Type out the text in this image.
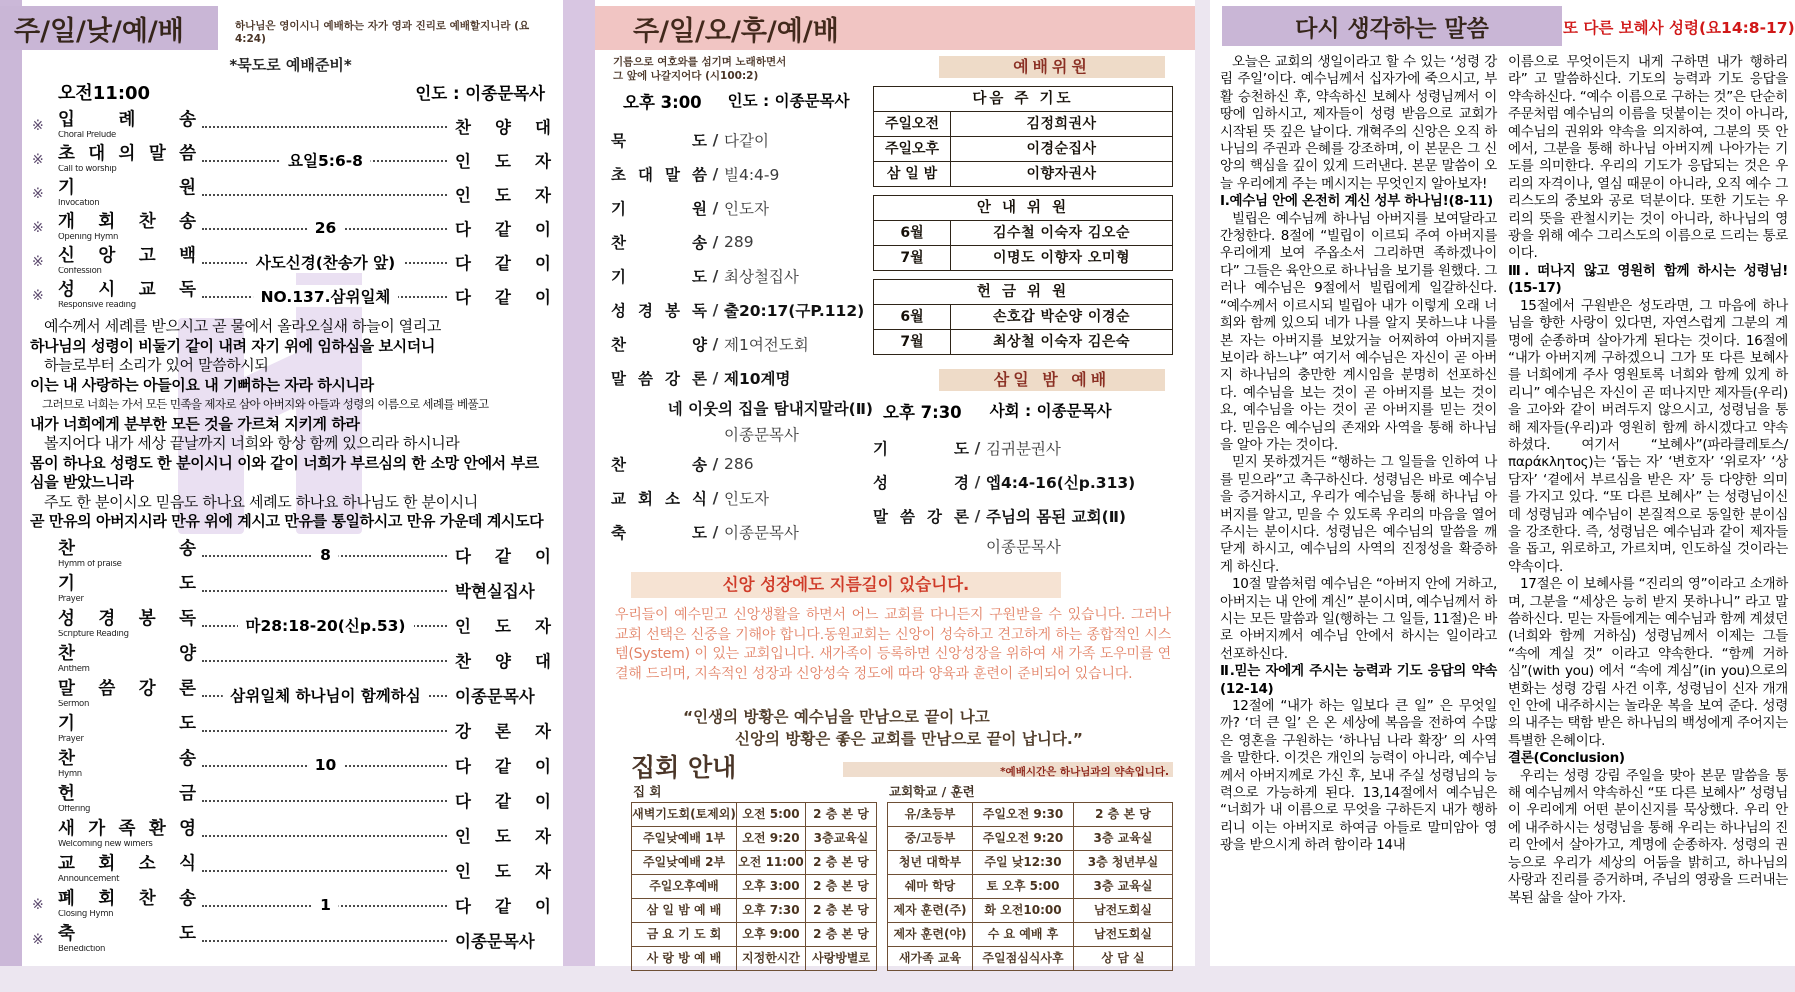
주/일/낮/예/배	하나님은 영이시니 예배하는 자가 영과 진리로 예배할지니라 (요4:24)

*묵도로 예배준비*

오전11:00	인도 : 이종문목사
※ 입 례 송
Choral Prelude	찬 양 대
※ 초 대 의 말 씀
Call to worship	요일5:6-8	인 도 자
※ 기 원
Invocation	인 도 자
※ 개 회 찬 송
Opening Hymn	26	다 같 이
※ 신 앙 고 백
Confession	사도신경(찬송가 앞)	다 같 이
※ 성 시 교 독
Responsive reading	NO.137.삼위일체	다 같 이

예수께서 세례를 받으시고 곧 물에서 올라오실새 하늘이 열리고

하나님의 성령이 비둘기 같이 내려 자기 위에 임하심을 보시더니

하늘로부터 소리가 있어 말씀하시되

이는 내 사랑하는 아들이요 내 기뻐하는 자라 하시니라

그러므로 너희는 가서 모든 민족을 제자로 삼아 아버지와 아들과 성령의 이름으로 세례를 베풀고

내가 너희에게 분부한 모든 것을 가르쳐 지키게 하라

볼지어다 내가 세상 끝날까지 너희와 항상 함께 있으리라 하시니라

몸이 하나요 성령도 한 분이시니 이와 같이 너희가 부르심의 한 소망 안에서 부르심을 받았느니라

주도 한 분이시오 믿음도 하나요 세례도 하나요 하나님도 한 분이시니

곧 만유의 아버지시라 만유 위에 계시고 만유를 통일하시고 만유 가운데 계시도다

찬 송
Hymm of praise	8	다 같 이
기 도
Prayer	박현실집사
성 경 봉 독
Scripture Reading	마28:18-20(신p.53)	인 도 자
찬 양
Anthem	찬 양 대
말 씀 강 론
Sermon	삼위일체 하나님이 함께하심	이종문목사
기 도
Prayer	강 론 자
찬 송
Hymn	10	다 같 이
헌 금
Offering	다 같 이
새 가 족 환 영
Welcoming new wimers	인 도 자
교 회 소 식
Announcement	인 도 자
※ 폐 회 찬 송
Closing Hymn	1	다 같 이
※ 축 도
Benediction	이종문목사
주/일/오/후/예/배

기름으로 여호와를 섬기며 노래하면서
그 앞에 나갈지어다 (시100:2)

오후 3:00 인도 : 이종문목사
묵 도 / 다같이
초 대 말 씀 / 빌4:4-9
기 원 / 인도자
찬 송 / 289
기 도 / 최상철집사
성 경 봉 독 / 출20:17(구P.112)
찬 양 / 제1여전도회
말 씀 강 론 / 제10계명
네 이웃의 집을 탐내지말라(Ⅱ)
이종문목사
찬 송 / 286
교 회 소 식 / 인도자
축 도 / 이종문목사
예배위원
다음 주 기도
주일오전	김정희권사
주일오후	이경순집사
삼 일 밤	이향자권사
안 내 위 원
6월	김수철 이숙자 김오순
7월	이명도 이향자 오미형
헌 금 위 원
6월	손호갑 박순양 이경순
7월	최상철 이숙자 김은숙
삼일 밤 예배
오후 7:30 사회 : 이종문목사
기 도 / 김귀분권사
성 경 / 엡4:4-16(신p.313)
말 씀 강 론 / 주님의 몸된 교회(Ⅱ)
이종문목사
신앙 성장에도 지름길이 있습니다.

우리들이 예수믿고 신앙생활을 하면서 어느 교회를 다니든지 구원받을 수 있습니다. 그러나 교회 선택은 신중을 기해야 합니다.동원교회는 신앙이 성숙하고 견고하게 하는 종합적인 시스템(System) 이 있는 교회입니다. 새가족이 등록하면 신앙성장을 위하여 새 가족 도우미를 연결해 드리며, 지속적인 성장과 신앙성숙 정도에 따라 양육과 훈련이 준비되어 있습니다.

“인생의 방황은 예수님을 만남으로 끝이 나고
신앙의 방황은 좋은 교회를 만남으로 끝이 납니다.”

집회 안내	*예배시간은 하나님과의 약속입니다.

집 회

새벽기도회(토제외) 오전 5:00	2 층 본 당
주일낮예배 1부	오전 9:20	3층교육실
주일낮예배 2부	오전 11:00 2 층 본 당
주일오후예배	오후 3:00	2 층 본 당
삼 일 밤 예 배	오후 7:30	2 층 본 당
금 요 기 도 회	오후 9:00	2 층 본 당
사 랑 방 예 배	지정한시간	사랑방별로

교회학교 / 훈련

유/초등부	주일오전 9:30	2 층 본 당
중/고등부	주일오전 9:20	3층 교육실
청년 대학부	주일 낮12:30	3층 청년부실
쉐마 학당	토 오후 5:00	3층 교육실
제자 훈련(주)	화 오전10:00	남전도회실
제자 훈련(야)	수 요 예배 후	남전도회실
새가족 교육	주일점심식사후	상 담 실
다시 생각하는 말씀	또 다른 보혜사 성령(요14:8-17)

오늘은 교회의 생일이라고 할 수 있는 ‘성령 강림 주일’이다. 예수님께서 십자가에 죽으시고, 부활 승천하신 후, 약속하신 보혜사 성령님께서 이 땅에 임하시고, 제자들이 성령 받음으로 교회가 시작된 뜻 깊은 날이다. 개혁주의 신앙은 오직 하나님의 주권과 은혜를 강조하며, 이 본문은 그 신앙의 핵심을 깊이 있게 드러낸다. 본문 말씀이 오늘 우리에게 주는 메시지는 무엇인지 알아보자!

Ⅰ.예수님 안에 온전히 계신 성부 하나님!(8-11)

빌립은 예수님께 하나님 아버지를 보여달라고 간청한다. 8절에 “빌립이 이르되 주여 아버지를 우리에게 보여 주옵소서 그리하면 족하겠나이다” 그들은 육안으로 하나님을 보기를 원했다. 그러나 예수님은 9절에서 빌립에게 일갈하신다. “예수께서 이르시되 빌립아 내가 이렇게 오래 너희와 함께 있으되 네가 나를 알지 못하느냐 나를 본 자는 아버지를 보았거늘 어찌하여 아버지를 보이라 하느냐” 여기서 예수님은 자신이 곧 아버지 하나님의 충만한 계시임을 분명히 선포하신다. 예수님을 보는 것이 곧 아버지를 보는 것이요, 예수님을 아는 것이 곧 아버지를 믿는 것이다. 믿음은 예수님의 존재와 사역을 통해 하나님을 알아 가는 것이다.

믿지 못하겠거든 “행하는 그 일들을 인하여 나를 믿으라”고 촉구하신다. 성령님은 바로 예수님을 증거하시고, 우리가 예수님을 통해 하나님 아버지를 알고, 믿을 수 있도록 우리의 마음을 열어 주시는 분이시다. 성령님은 예수님의 말씀을 깨닫게 하시고, 예수님의 사역의 진정성을 확증하게 하신다.

10절 말씀처럼 예수님은 “아버지 안에 거하고, 아버지는 내 안에 계신” 분이시며, 예수님께서 하시는 모든 말씀과 일(행하는 그 일들, 11절)은 바로 아버지께서 예수님 안에서 하시는 일이라고 선포하신다.

Ⅱ.믿는 자에게 주시는 능력과 기도 응답의 약속(12-14)

12절에 “내가 하는 일보다 큰 일” 은 무엇일까? ‘더 큰 일’ 은 온 세상에 복음을 전하여 수많은 영혼을 구원하는 ‘하나님 나라 확장’ 의 사역을 말한다. 이것은 개인의 능력이 아니라, 예수님께서 아버지께로 가신 후, 보내 주실 성령님의 능력으로 가능하게 된다. 13,14절에서 예수님은 “너희가 내 이름으로 무엇을 구하든지 내가 행하리니 이는 아버지로 하여금 아들로 말미암아 영광을 받으시게 하려 함이라 14내

이름으로 무엇이든지 내게 구하면 내가 행하리라” 고 말씀하신다. 기도의 능력과 기도 응답을 약속하신다. “예수 이름으로 구하는 것”은 단순히 주문처럼 예수님의 이름을 덧붙이는 것이 아니라, 예수님의 권위와 약속을 의지하여, 그분의 뜻 안에서, 그분을 통해 하나님 아버지께 나아가는 기도를 의미한다. 우리의 기도가 응답되는 것은 우리의 자격이나, 열심 때문이 아니라, 오직 예수 그리스도의 중보와 공로 덕분이다. 또한 기도는 우리의 뜻을 관철시키는 것이 아니라, 하나님의 영광을 위해 예수 그리스도의 이름으로 드리는 통로이다.

Ⅲ. 떠나지 않고 영원히 함께 하시는 성령님!(15-17)

15절에서 구원받은 성도라면, 그 마음에 하나님을 향한 사랑이 있다면, 자연스럽게 그분의 계명에 순종하며 살아가게 된다는 것이다. 16절에 “내가 아버지께 구하겠으니 그가 또 다른 보혜사를 너희에게 주사 영원토록 너희와 함께 있게 하리니” 예수님은 자신이 곧 떠나지만 제자들(우리)을 고아와 같이 버려두지 않으시고, 성령님을 통해 제자들(우리)과 영원히 함께 하시겠다고 약속하셨다. 여기서 “보혜사”(파라클레토스/παράκλητος)는 ‘돕는 자’ ‘변호자’ ‘위로자’ ‘상담자’ ‘곁에서 부르심을 받은 자’ 등 다양한 의미를 가지고 있다. “또 다른 보혜사” 는 성령님이신데 성령님과 예수님이 본질적으로 동일한 분이심을 강조한다. 즉, 성령님은 예수님과 같이 제자들을 돕고, 위로하고, 가르치며, 인도하실 것이라는 약속이다.

17절은 이 보혜사를 “진리의 영”이라고 소개하며, 그분을 “세상은 능히 받지 못하나니” 라고 말씀하신다. 믿는 자들에게는 예수님과 함께 계셨던(너희와 함께 거하심) 성령님께서 이제는 그들 “속에 계실 것” 이라고 약속한다. “함께 거하심”(with you) 에서 “속에 계심”(in you)으로의 변화는 성령 강림 사건 이후, 성령님이 신자 개개인 안에 내주하시는 놀라운 복을 보여 준다. 성령의 내주는 택함 받은 하나님의 백성에게 주어지는 특별한 은혜이다.

결론(Conclusion)

우리는 성령 강림 주일을 맞아 본문 말씀을 통해 예수님께서 약속하신 “또 다른 보혜사” 성령님이 우리에게 어떤 분이신지를 묵상했다. 우리 안에 내주하시는 성령님을 통해 우리는 하나님의 진리 안에서 살아가고, 계명에 순종하자. 성령의 권능으로 우리가 세상의 어둠을 밝히고, 하나님의 사랑과 진리를 증거하며, 주님의 영광을 드러내는 복된 삶을 살아 가자.
